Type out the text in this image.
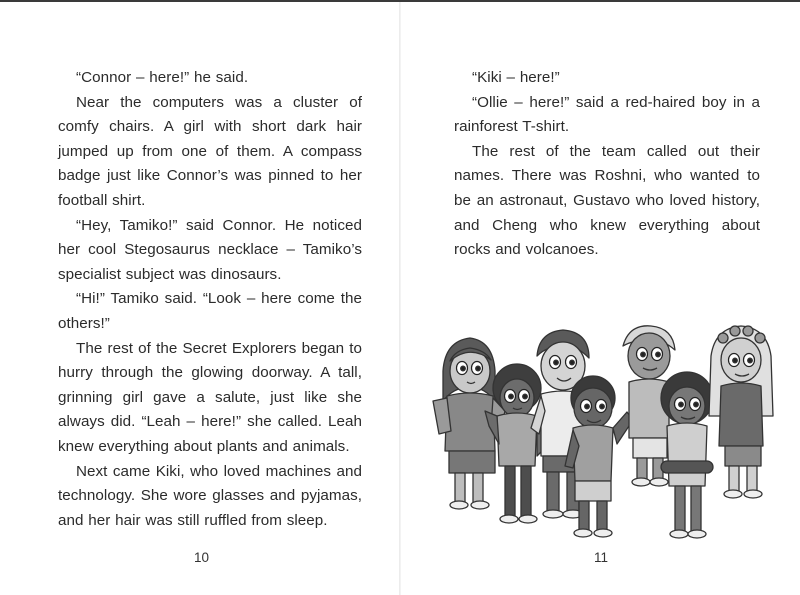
“Connor – here!” he said.

Near the computers was a cluster of comfy chairs. A girl with short dark hair jumped up from one of them. A compass badge just like Connor’s was pinned to her football shirt.

“Hey, Tamiko!” said Connor. He noticed her cool Stegosaurus necklace – Tamiko’s specialist subject was dinosaurs.

“Hi!” Tamiko said. “Look – here come the others!”

The rest of the Secret Explorers began to hurry through the glowing doorway. A tall, grinning girl gave a salute, just like she always did. “Leah – here!” she called. Leah knew everything about plants and animals.

Next came Kiki, who loved machines and technology. She wore glasses and pyjamas, and her hair was still ruffled from sleep.

10

“Kiki – here!”

“Ollie – here!” said a red-haired boy in a rainforest T-shirt.

The rest of the team called out their names. There was Roshni, who wanted to be an astronaut, Gustavo who loved history, and Cheng who knew everything about rocks and volcanoes.

11
